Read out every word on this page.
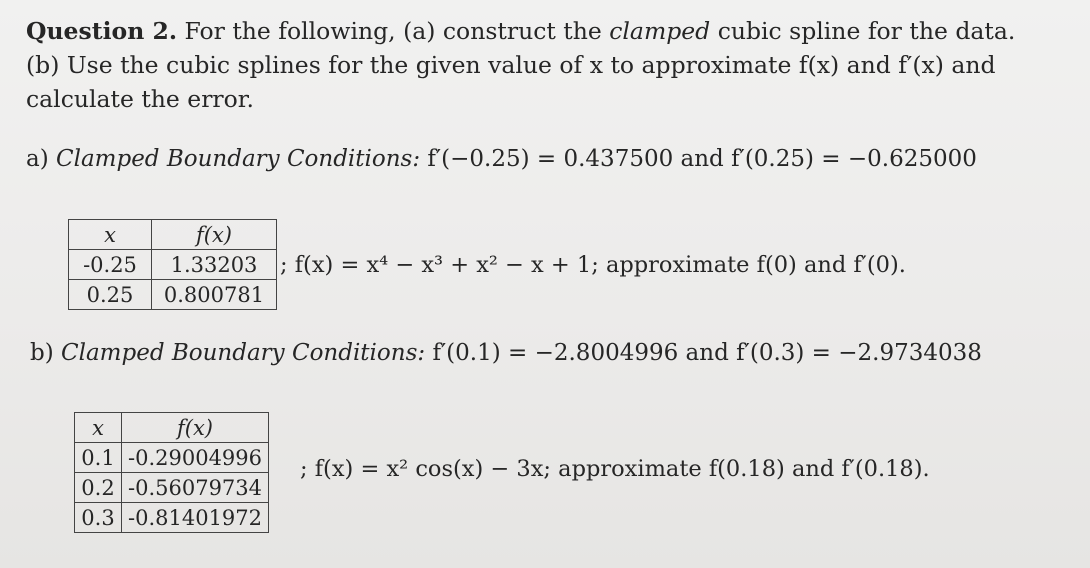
Question 2. For the following, (a) construct the clamped cubic spline for the data.
(b) Use the cubic splines for the given value of x to approximate f(x) and f′(x) and
calculate the error.
a) Clamped Boundary Conditions: f′(−0.25) = 0.437500 and f′(0.25) = −0.625000
x	f(x)
-0.25	1.33203
0.25	0.800781
; f(x) = x⁴ − x³ + x² − x + 1; approximate f(0) and f′(0).
b) Clamped Boundary Conditions: f′(0.1) = −2.8004996 and f′(0.3) = −2.9734038
x	f(x)
0.1	-0.29004996
0.2	-0.56079734
0.3	-0.81401972
; f(x) = x² cos(x) − 3x; approximate f(0.18) and f′(0.18).
